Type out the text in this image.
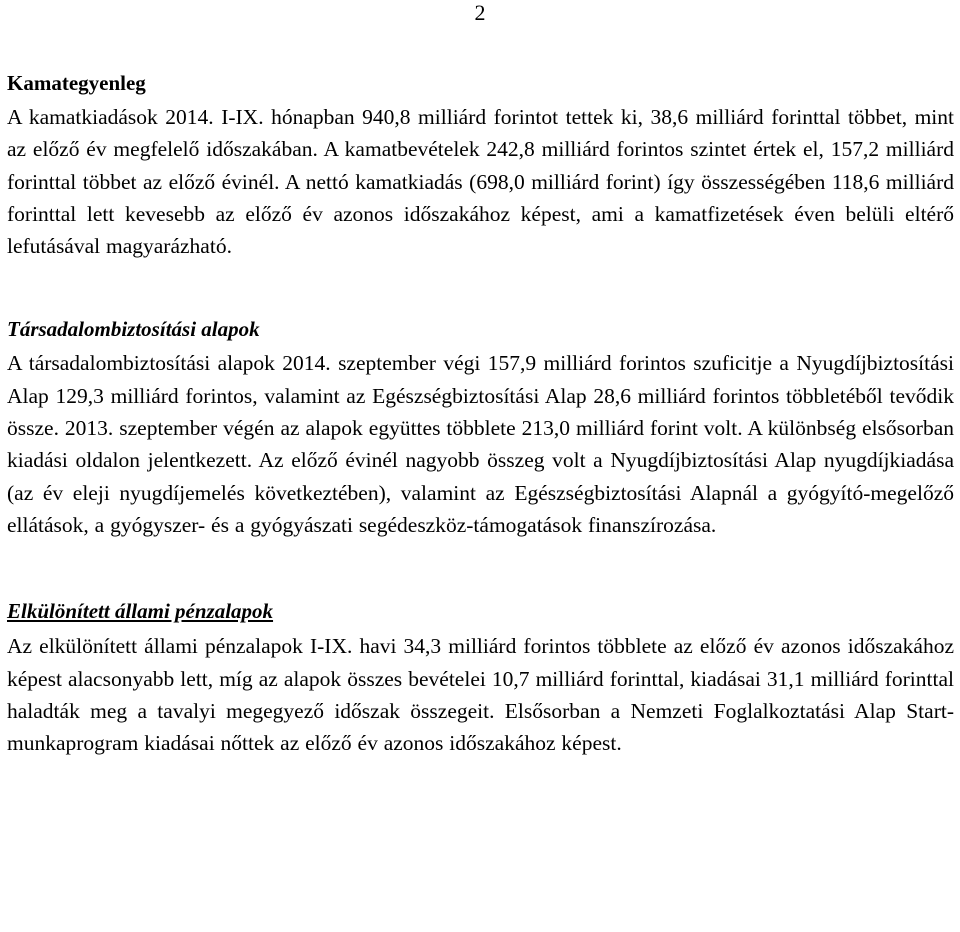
2
Kamategyenleg

A kamatkiadások 2014. I-IX. hónapban 940,8 milliárd forintot tettek ki, 38,6 milliárd forinttal többet, mint az előző év megfelelő időszakában. A kamatbevételek 242,8 milliárd forintos szintet értek el, 157,2 milliárd forinttal többet az előző évinél. A nettó kamatkiadás (698,0 milliárd forint) így összességében 118,6 milliárd forinttal lett kevesebb az előző év azonos időszakához képest, ami a kamatfizetések éven belüli eltérő lefutásával magyarázható.

Társadalombiztosítási alapok

A társadalombiztosítási alapok 2014. szeptember végi 157,9 milliárd forintos szuficitje a Nyugdíjbiztosítási Alap 129,3 milliárd forintos, valamint az Egészségbiztosítási Alap 28,6 milliárd forintos többletéből tevődik össze. 2013. szeptember végén az alapok együttes többlete 213,0 milliárd forint volt. A különbség elsősorban kiadási oldalon jelentkezett. Az előző évinél nagyobb összeg volt a Nyugdíjbiztosítási Alap nyugdíjkiadása (az év eleji nyugdíjemelés következtében), valamint az Egészségbiztosítási Alapnál a gyógyító-megelőző ellátások, a gyógyszer- és a gyógyászati segédeszköz-támogatások finanszírozása.

Elkülönített állami pénzalapok

Az elkülönített állami pénzalapok I-IX. havi 34,3 milliárd forintos többlete az előző év azonos időszakához képest alacsonyabb lett, míg az alapok összes bevételei 10,7 milliárd forinttal, kiadásai 31,1 milliárd forinttal haladták meg a tavalyi megegyező időszak összegeit. Elsősorban a Nemzeti Foglalkoztatási Alap Start-munkaprogram kiadásai nőttek az előző év azonos időszakához képest.
